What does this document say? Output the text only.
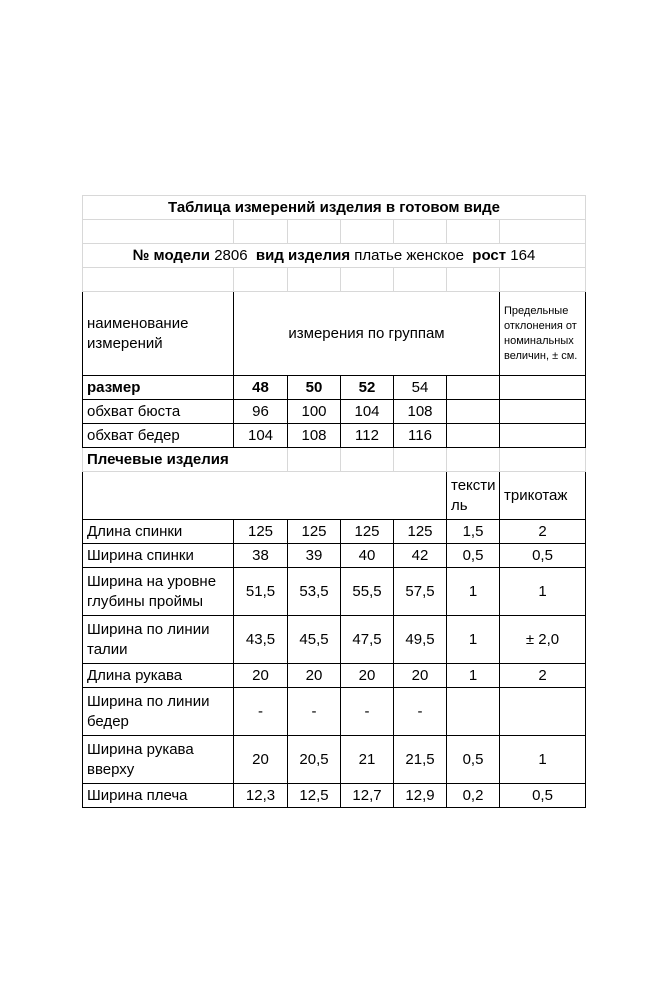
Таблица измерений изделия в готовом виде						

№ модели 2806 вид изделия платье женское рост 164						

наименование измерений	измерения по группам					Предельные отклонения от номинальных величин, ± см.
размер	48	50	52	54		
обхват бюста	96	100	104	108		
обхват бедер	104	108	112	116		
Плечевые изделия						
					тексти ль	трикотаж
Длина спинки	125	125	125	125	1,5	2
Ширина спинки	38	39	40	42	0,5	0,5
Ширина на уровне глубины проймы	51,5	53,5	55,5	57,5	1	1
Ширина по линии талии	43,5	45,5	47,5	49,5	1	± 2,0
Длина рукава	20	20	20	20	1	2
Ширина по линии бедер	-	-	-	-		
Ширина рукава вверху	20	20,5	21	21,5	0,5	1
Ширина плеча	12,3	12,5	12,7	12,9	0,2	0,5
